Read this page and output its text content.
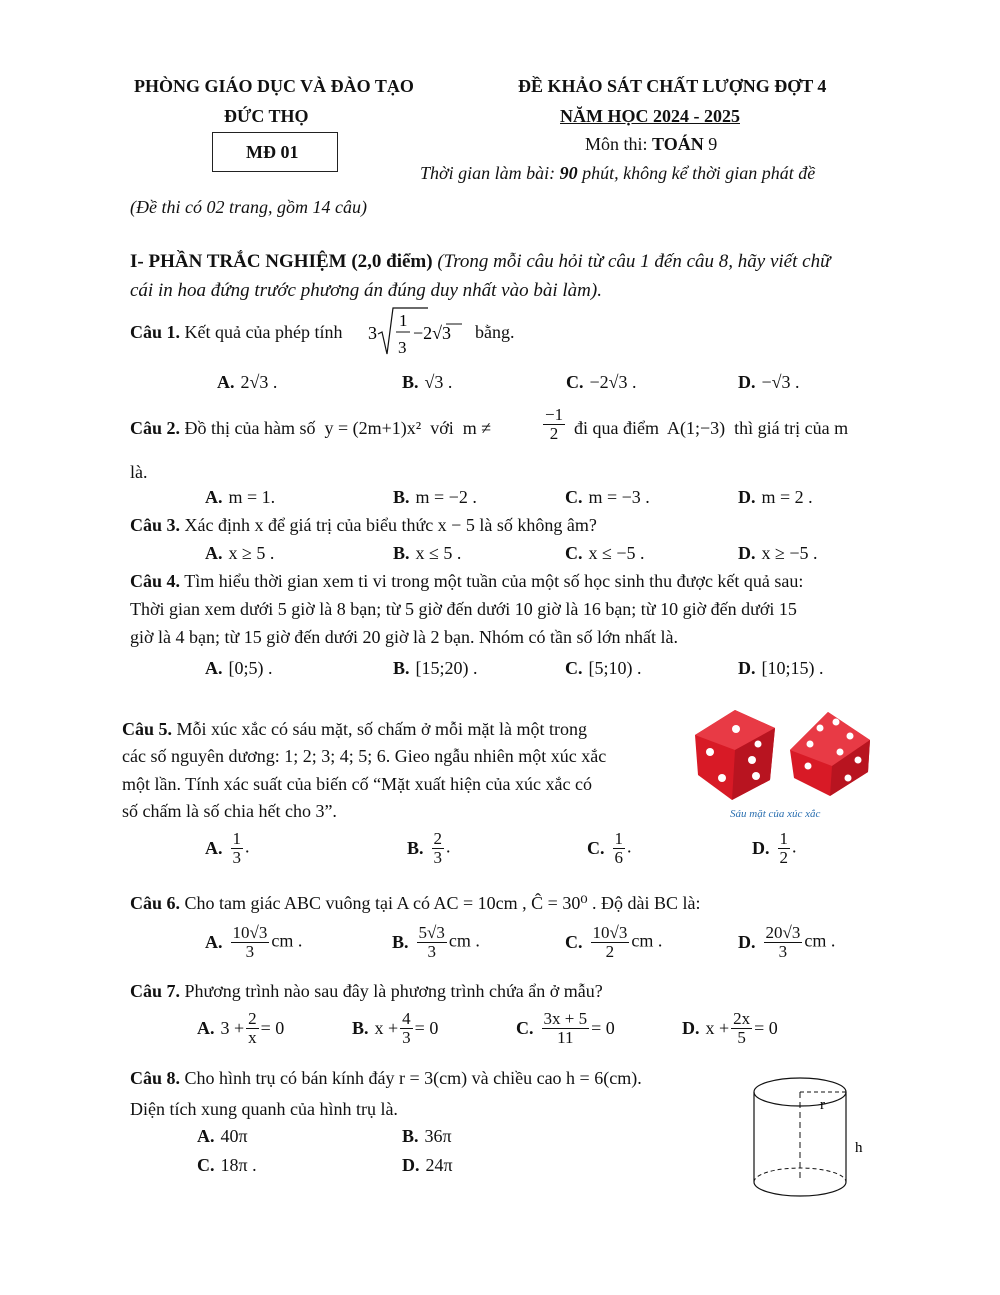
PHÒNG GIÁO DỤC VÀ ĐÀO TẠO
ĐỨC THỌ
MĐ 01
ĐỀ KHẢO SÁT CHẤT LƯỢNG ĐỢT 4
NĂM HỌC 2024 - 2025
Môn thi: TOÁN 9
Thời gian làm bài: 90 phút, không kể thời gian phát đề
(Đề thi có 02 trang, gồm 14 câu)
I- PHẦN TRẮC NGHIỆM (2,0 điểm) (Trong mỗi câu hỏi từ câu 1 đến câu 8, hãy viết chữ
cái in hoa đứng trước phương án đúng duy nhất vào bài làm).
Câu 1. Kết quả của phép tính 3
1
3
−2√3 bằng.
A. 2√3 .	B. √3 .	C. −2√3 .	D. −√3 .
Câu 2. Đồ thị của hàm số y = (2m+1)x² với m ≠	$\frac{-1}{2}$ đi qua điểm A(1;−3) thì giá trị của m
là.
A. m = 1.	B. m = −2 .	C. m = −3 .	D. m = 2 .
Câu 3. Xác định x để giá trị của biểu thức x − 5 là số không âm?
A. x ≥ 5 .	B. x ≤ 5 .	C. x ≤ −5 .	D. x ≥ −5 .
Câu 4. Tìm hiểu thời gian xem ti vi trong một tuần của một số học sinh thu được kết quả sau:
Thời gian xem dưới 5 giờ là 8 bạn; từ 5 giờ đến dưới 10 giờ là 16 bạn; từ 10 giờ đến dưới 15
giờ là 4 bạn; từ 15 giờ đến dưới 20 giờ là 2 bạn. Nhóm có tần số lớn nhất là.
A. [0;5) .	B. [15;20) .	C. [5;10) .	D. [10;15) .
Câu 5. Mỗi xúc xắc có sáu mặt, số chấm ở mỗi mặt là một trong
các số nguyên dương: 1; 2; 3; 4; 5; 6. Gieo ngẫu nhiên một xúc xắc
một lần. Tính xác suất của biến cố “Mặt xuất hiện của xúc xắc có
số chấm là số chia hết cho 3”.	Sáu mặt của xúc xắc
A. $\frac{1}{3}$ .	B. $\frac{2}{3}$ .	C. $\frac{1}{6}$ .	D. $\frac{1}{2}$ .
Câu 6. Cho tam giác ABC vuông tại A có AC = 10cm , Ĉ = 30⁰ . Độ dài BC là:
A. $\frac{10√3}{3}$ cm .	B. $\frac{5√3}{3}$ cm .	C. $\frac{10√3}{2}$ cm .	D. $\frac{20√3}{3}$ cm .
Câu 7. Phương trình nào sau đây là phương trình chứa ẩn ở mẫu?
A. $3 + \frac{2}{x} = 0$	B. $x + \frac{4}{3} = 0$	C. $\frac{3x + 5}{11} = 0$	D. $x + \frac{2x}{5} = 0$
Câu 8. Cho hình trụ có bán kính đáy r = 3(cm) và chiều cao h = 6(cm).
Diện tích xung quanh của hình trụ là.
A. 40π	B. 36π
C. 18π .	D. 24π
r
h
